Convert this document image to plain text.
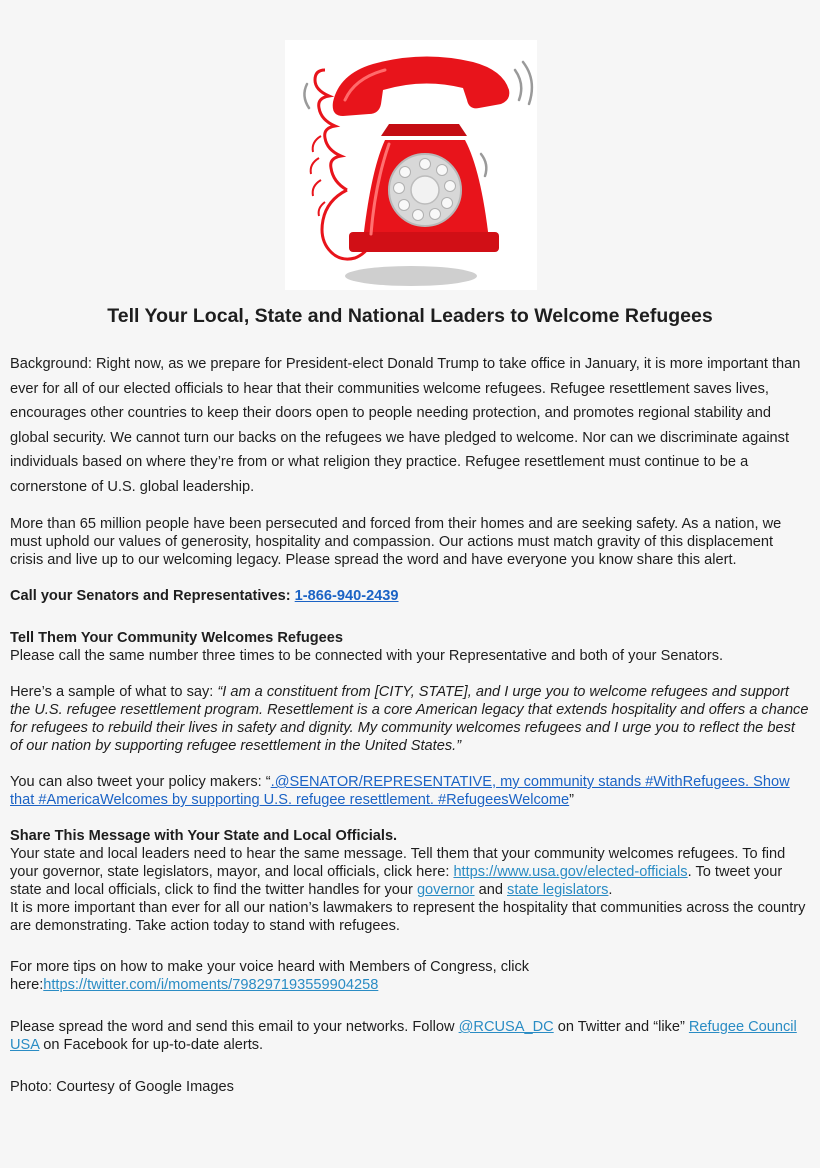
Tell Your Local, State and National Leaders to Welcome Refugees

Background: Right now, as we prepare for President-elect Donald Trump to take office in January, it is more important than ever for all of our elected officials to hear that their communities welcome refugees. Refugee resettlement saves lives, encourages other countries to keep their doors open to people needing protection, and promotes regional stability and global security. We cannot turn our backs on the refugees we have pledged to welcome. Nor can we discriminate against individuals based on where they’re from or what religion they practice. Refugee resettlement must continue to be a cornerstone of U.S. global leadership.

More than 65 million people have been persecuted and forced from their homes and are seeking safety. As a nation, we must uphold our values of generosity, hospitality and compassion. Our actions must match gravity of this displacement crisis and live up to our welcoming legacy. Please spread the word and have everyone you know share this alert.

Call your Senators and Representatives: 1-866-940-2439

Tell Them Your Community Welcomes Refugees

Please call the same number three times to be connected with your Representative and both of your Senators.

Here’s a sample of what to say: “I am a constituent from [CITY, STATE], and I urge you to welcome refugees and support the U.S. refugee resettlement program. Resettlement is a core American legacy that extends hospitality and offers a chance for refugees to rebuild their lives in safety and dignity. My community welcomes refugees and I urge you to reflect the best of our nation by supporting refugee resettlement in the United States.”

You can also tweet your policy makers: “.@SENATOR/REPRESENTATIVE, my community stands #WithRefugees. Show that #AmericaWelcomes by supporting U.S. refugee resettlement. #RefugeesWelcome”

Share This Message with Your State and Local Officials.

Your state and local leaders need to hear the same message. Tell them that your community welcomes refugees. To find your governor, state legislators, mayor, and local officials, click here: https://www.usa.gov/elected-officials. To tweet your state and local officials, click to find the twitter handles for your governor and state legislators.

It is more important than ever for all our nation’s lawmakers to represent the hospitality that communities across the country are demonstrating. Take action today to stand with refugees.

For more tips on how to make your voice heard with Members of Congress, click here:https://twitter.com/i/moments/798297193559904258

Please spread the word and send this email to your networks. Follow @RCUSA_DC on Twitter and “like” Refugee Council USA on Facebook for up-to-date alerts.

Photo: Courtesy of Google Images
